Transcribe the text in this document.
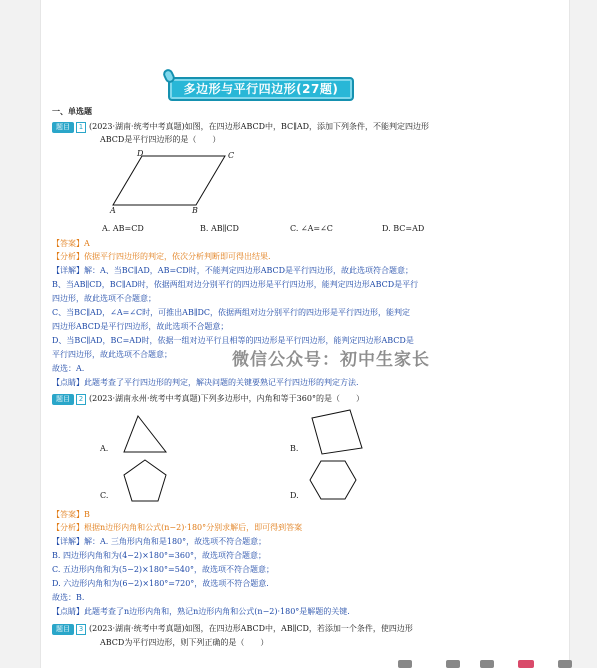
多边形与平行四边形(27题)
一、单选题
题目 1 (2023·湖南·统考中考真题)如图，在四边形ABCD中，BC∥AD，添加下列条件，不能判定四边形
ABCD是平行四边形的是（　　）
D	C
A	B
A. AB=CD	B. AB∥CD	C. ∠A=∠C	D. BC=AD
【答案】A
【分析】依据平行四边形的判定，依次分析判断即可得出结果.
【详解】解：A、当BC∥AD，AB=CD时，不能判定四边形ABCD是平行四边形，故此选项符合题意；
B、当AB∥CD，BC∥AD时，依据两组对边分别平行的四边形是平行四边形，能判定四边形ABCD是平行
四边形，故此选项不合题意；
C、当BC∥AD，∠A=∠C时，可推出AB∥DC，依据两组对边分别平行的四边形是平行四边形，能判定
四边形ABCD是平行四边形，故此选项不合题意；
D、当BC∥AD，BC=AD时，依据一组对边平行且相等的四边形是平行四边形，能判定四边形ABCD是
平行四边形，故此选项不合题意；
故选：A.
【点睛】此题考查了平行四边形的判定，解决问题的关键要熟记平行四边形的判定方法.
微信公众号：初中生家长
题目 2 (2023·湖南永州·统考中考真题)下列多边形中，内角和等于360°的是（　　）
A.	B.
C.	D.
【答案】B
【分析】根据n边形内角和公式(n−2)·180°分别求解后，即可得到答案
【详解】解：A. 三角形内角和是180°，故选项不符合题意；
B. 四边形内角和为(4−2)×180°=360°，故选项符合题意；
C. 五边形内角和为(5−2)×180°=540°，故选项不符合题意；
D. 六边形内角和为(6−2)×180°=720°，故选项不符合题意.
故选：B.
【点睛】此题考查了n边形内角和，熟记n边形内角和公式(n−2)·180°是解题的关键.
题目 3 (2023·湖南·统考中考真题)如图，在四边形ABCD中，AB∥CD，若添加一个条件，使四边形
ABCD为平行四边形，则下列正确的是（　　）
